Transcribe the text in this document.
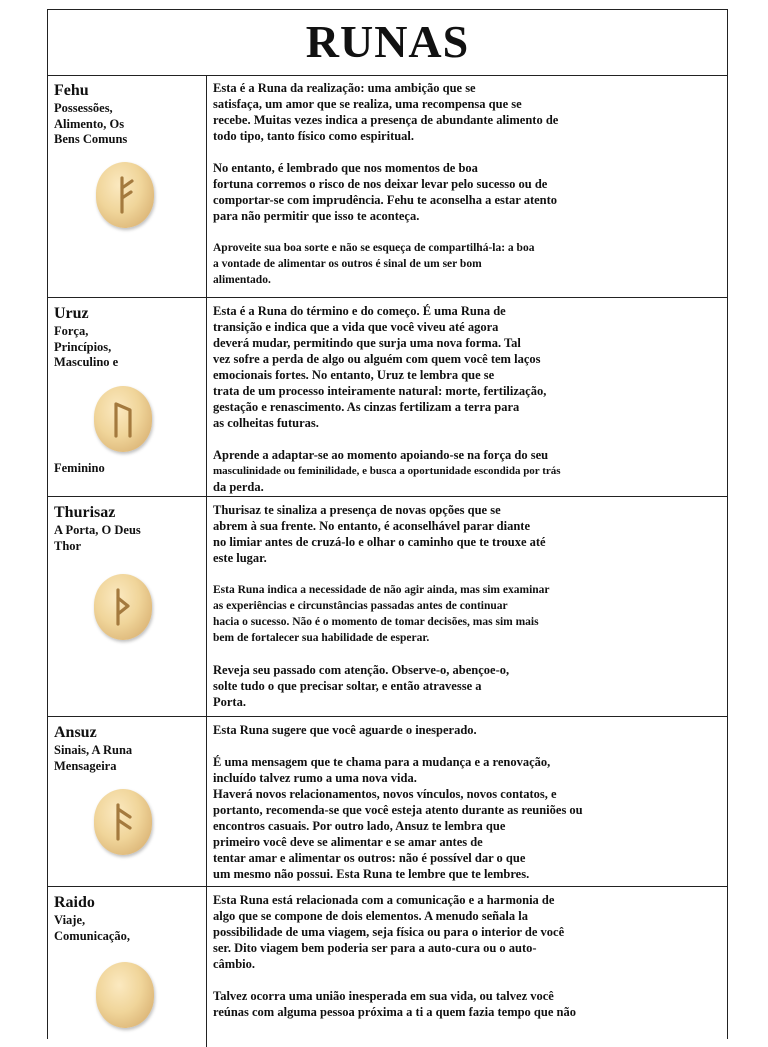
RUNAS
Fehu
Possessões,
Alimento, Os
Bens Comuns

Esta é a Runa da realização: uma ambição que se
satisfaça, um amor que se realiza, uma recompensa que se
recebe. Muitas vezes indica a presença de abundante alimento de
todo tipo, tanto físico como espiritual.

No entanto, é lembrado que nos momentos de boa
fortuna corremos o risco de nos deixar levar pelo sucesso ou de
comportar-se com imprudência. Fehu te aconselha a estar atento
para não permitir que isso te aconteça.

Aproveite sua boa sorte e não se esqueça de compartilhá-la: a boa
a vontade de alimentar os outros é sinal de um ser bom
alimentado.

Uruz
Força,
Princípios,
Masculino e
Feminino

Esta é a Runa do término e do começo. É uma Runa de
transição e indica que a vida que você viveu até agora
deverá mudar, permitindo que surja uma nova forma. Tal
vez sofre a perda de algo ou alguém com quem você tem laços
emocionais fortes. No entanto, Uruz te lembra que se
trata de um processo inteiramente natural: morte, fertilização,
gestação e renascimento. As cinzas fertilizam a terra para
as colheitas futuras.

Aprende a adaptar-se ao momento apoiando-se na força do seu

masculinidade ou feminilidade, e busca a oportunidade escondida por trás

da perda.

Thurisaz
A Porta, O Deus
Thor

Thurisaz te sinaliza a presença de novas opções que se
abrem à sua frente. No entanto, é aconselhável parar diante
no limiar antes de cruzá-lo e olhar o caminho que te trouxe até
este lugar.

Esta Runa indica a necessidade de não agir ainda, mas sim examinar
as experiências e circunstâncias passadas antes de continuar
hacia o sucesso. Não é o momento de tomar decisões, mas sim mais
bem de fortalecer sua habilidade de esperar.

Reveja seu passado com atenção. Observe-o, abençoe-o,
solte tudo o que precisar soltar, e então atravesse a
Porta.

Ansuz
Sinais, A Runa
Mensageira

Esta Runa sugere que você aguarde o inesperado.

É uma mensagem que te chama para a mudança e a renovação,
incluído talvez rumo a uma nova vida.
Haverá novos relacionamentos, novos vínculos, novos contatos, e
portanto, recomenda-se que você esteja atento durante as reuniões ou
encontros casuais. Por outro lado, Ansuz te lembra que
primeiro você deve se alimentar e se amar antes de
tentar amar e alimentar os outros: não é possível dar o que
um mesmo não possui. Esta Runa te lembre que te lembres.

Raido
Viaje,
Comunicação,

Esta Runa está relacionada com a comunicação e a harmonia de
algo que se compone de dois elementos. A menudo señala la
possibilidade de uma viagem, seja física ou para o interior de você
ser. Dito viagem bem poderia ser para a auto-cura ou o auto-
câmbio.

Talvez ocorra uma união inesperada em sua vida, ou talvez você
reúnas com alguma pessoa próxima a ti a quem fazia tempo que não
